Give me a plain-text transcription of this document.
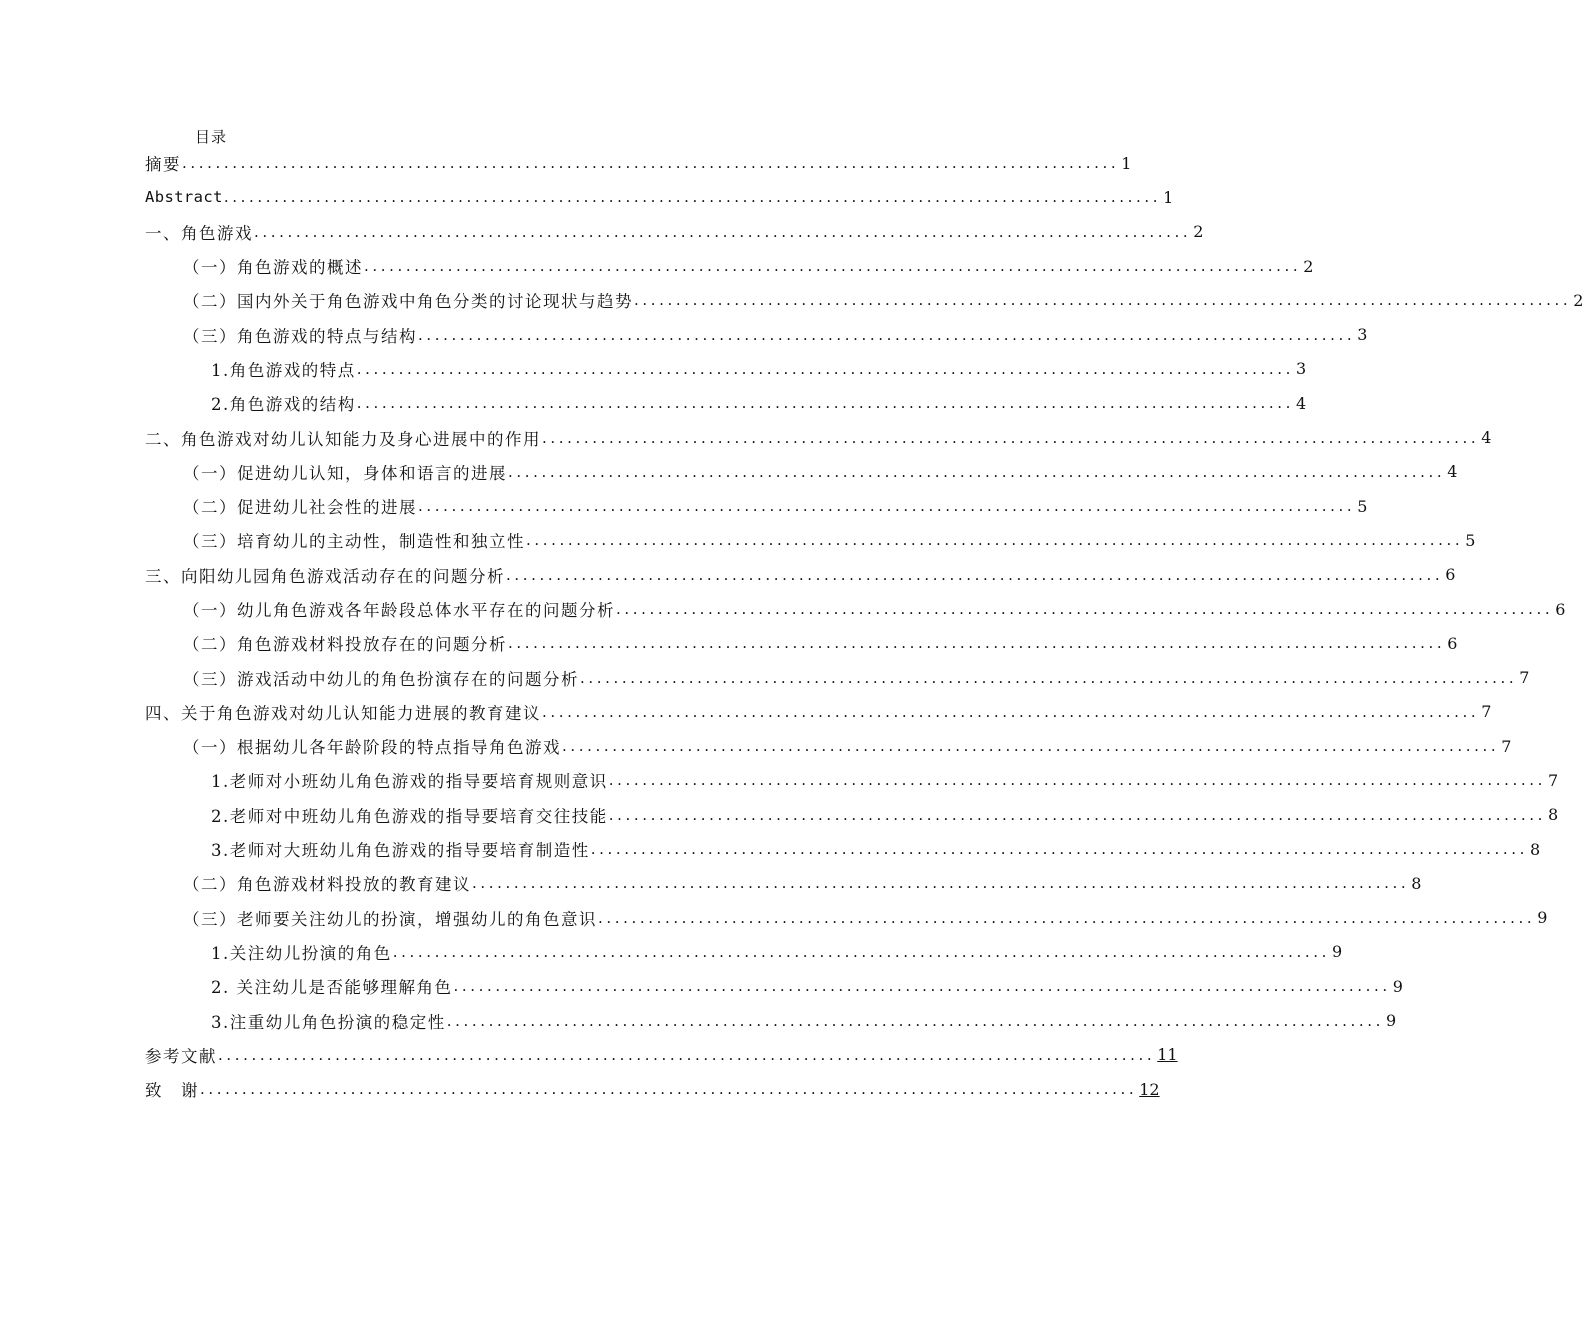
目录
摘要 ................................................................................................................ 1
Abstract ................................................................................................................ 1
一、角色游戏 ................................................................................................................ 2
（一）角色游戏的概述 ................................................................................................................ 2
（二）国内外关于角色游戏中角色分类的讨论现状与趋势 ................................................................................................................ 2
（三）角色游戏的特点与结构 ................................................................................................................ 3
1.角色游戏的特点 ................................................................................................................ 3
2.角色游戏的结构 ................................................................................................................ 4
二、角色游戏对幼儿认知能力及身心进展中的作用 ................................................................................................................ 4
（一）促进幼儿认知，身体和语言的进展 ................................................................................................................ 4
（二）促进幼儿社会性的进展 ................................................................................................................ 5
（三）培育幼儿的主动性，制造性和独立性 ................................................................................................................ 5
三、向阳幼儿园角色游戏活动存在的问题分析 ................................................................................................................ 6
（一）幼儿角色游戏各年龄段总体水平存在的问题分析 ................................................................................................................ 6
（二）角色游戏材料投放存在的问题分析 ................................................................................................................ 6
（三）游戏活动中幼儿的角色扮演存在的问题分析 ................................................................................................................ 7
四、关于角色游戏对幼儿认知能力进展的教育建议 ................................................................................................................ 7
（一）根据幼儿各年龄阶段的特点指导角色游戏 ................................................................................................................ 7
1.老师对小班幼儿角色游戏的指导要培育规则意识 ................................................................................................................ 7
2.老师对中班幼儿角色游戏的指导要培育交往技能 ................................................................................................................ 8
3.老师对大班幼儿角色游戏的指导要培育制造性 ................................................................................................................ 8
（二）角色游戏材料投放的教育建议 ................................................................................................................ 8
（三）老师要关注幼儿的扮演，增强幼儿的角色意识 ................................................................................................................ 9
1.关注幼儿扮演的角色 ................................................................................................................ 9
2. 关注幼儿是否能够理解角色 ................................................................................................................ 9
3.注重幼儿角色扮演的稳定性 ................................................................................................................ 9
参考文献 ................................................................................................................ 11
致　谢 ................................................................................................................ 12
